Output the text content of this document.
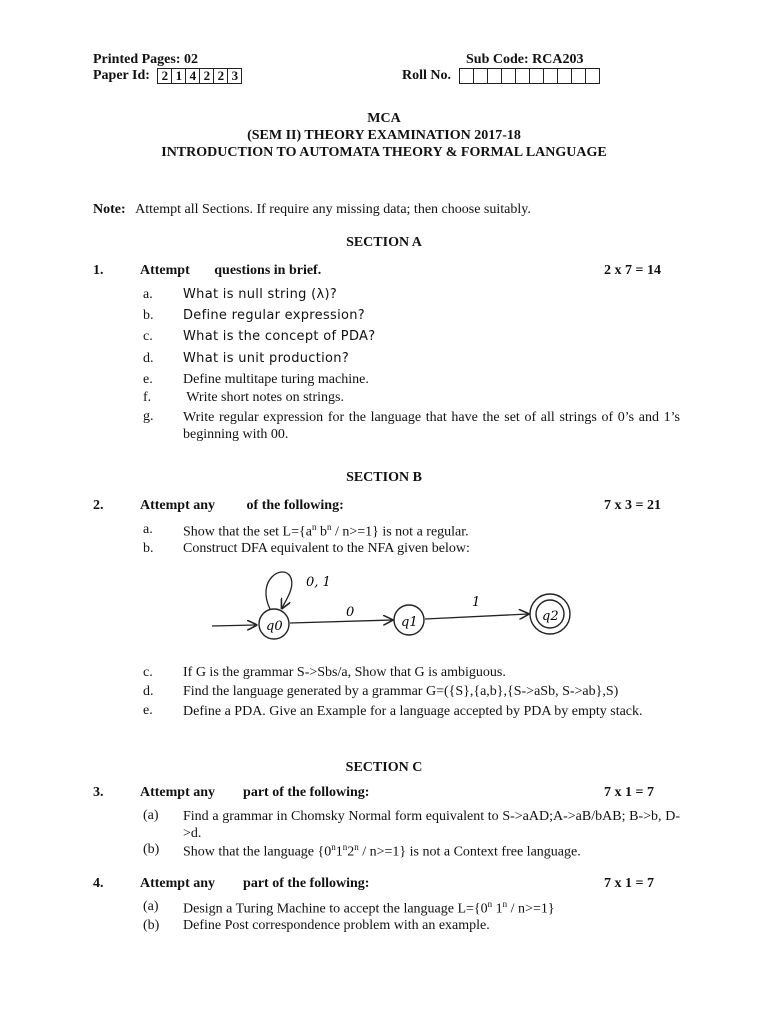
Printed Pages: 02	Sub Code: RCA203
Paper Id: 2 1 4 2 2 3	Roll No.
MCA
(SEM II) THEORY EXAMINATION 2017-18
INTRODUCTION TO AUTOMATA THEORY & FORMAL LANGUAGE
Note: Attempt all Sections. If require any missing data; then choose suitably.
SECTION A
1.	Attempt       questions in brief.	2 x 7 = 14
a. What is null string (λ)?
b. Define regular expression?
c. What is the concept of PDA?
d. What is unit production?
e. Define multitape turing machine.
f. Write short notes on strings.
g. Write regular expression for the language that have the set of all strings of 0’s and 1’s beginning with 00.
SECTION B
2.	Attempt any         of the following:	7 x 3 = 21
a. Show that the set $L=\{a^n$ $b^n / n>=1$} is not a regular.
b. Construct DFA equivalent to the NFA given below:
q0
0, 1
0
q1
1
q2
c. If G is the grammar S->Sbs/a, Show that G is ambiguous.
d. Find the language generated by a grammar G=({S},{a,b},{S->aSb, S->ab},S)
e. Define a PDA. Give an Example for a language accepted by PDA by empty stack.
SECTION C
3.	Attempt any        part of the following:	7 x 1 = 7
(a) Find a grammar in Chomsky Normal form equivalent to S->aAD;A->aB/bAB; B->b, D->d.
(b) Show that the language {0$^n$1$^n$2$^n$ / n>=1} is not a Context free language.
4.	Attempt any        part of the following:	7 x 1 = 7
(a) Design a Turing Machine to accept the language $L=\{0^n$ 1$^n$ / n>=1}
(b) Define Post correspondence problem with an example.
